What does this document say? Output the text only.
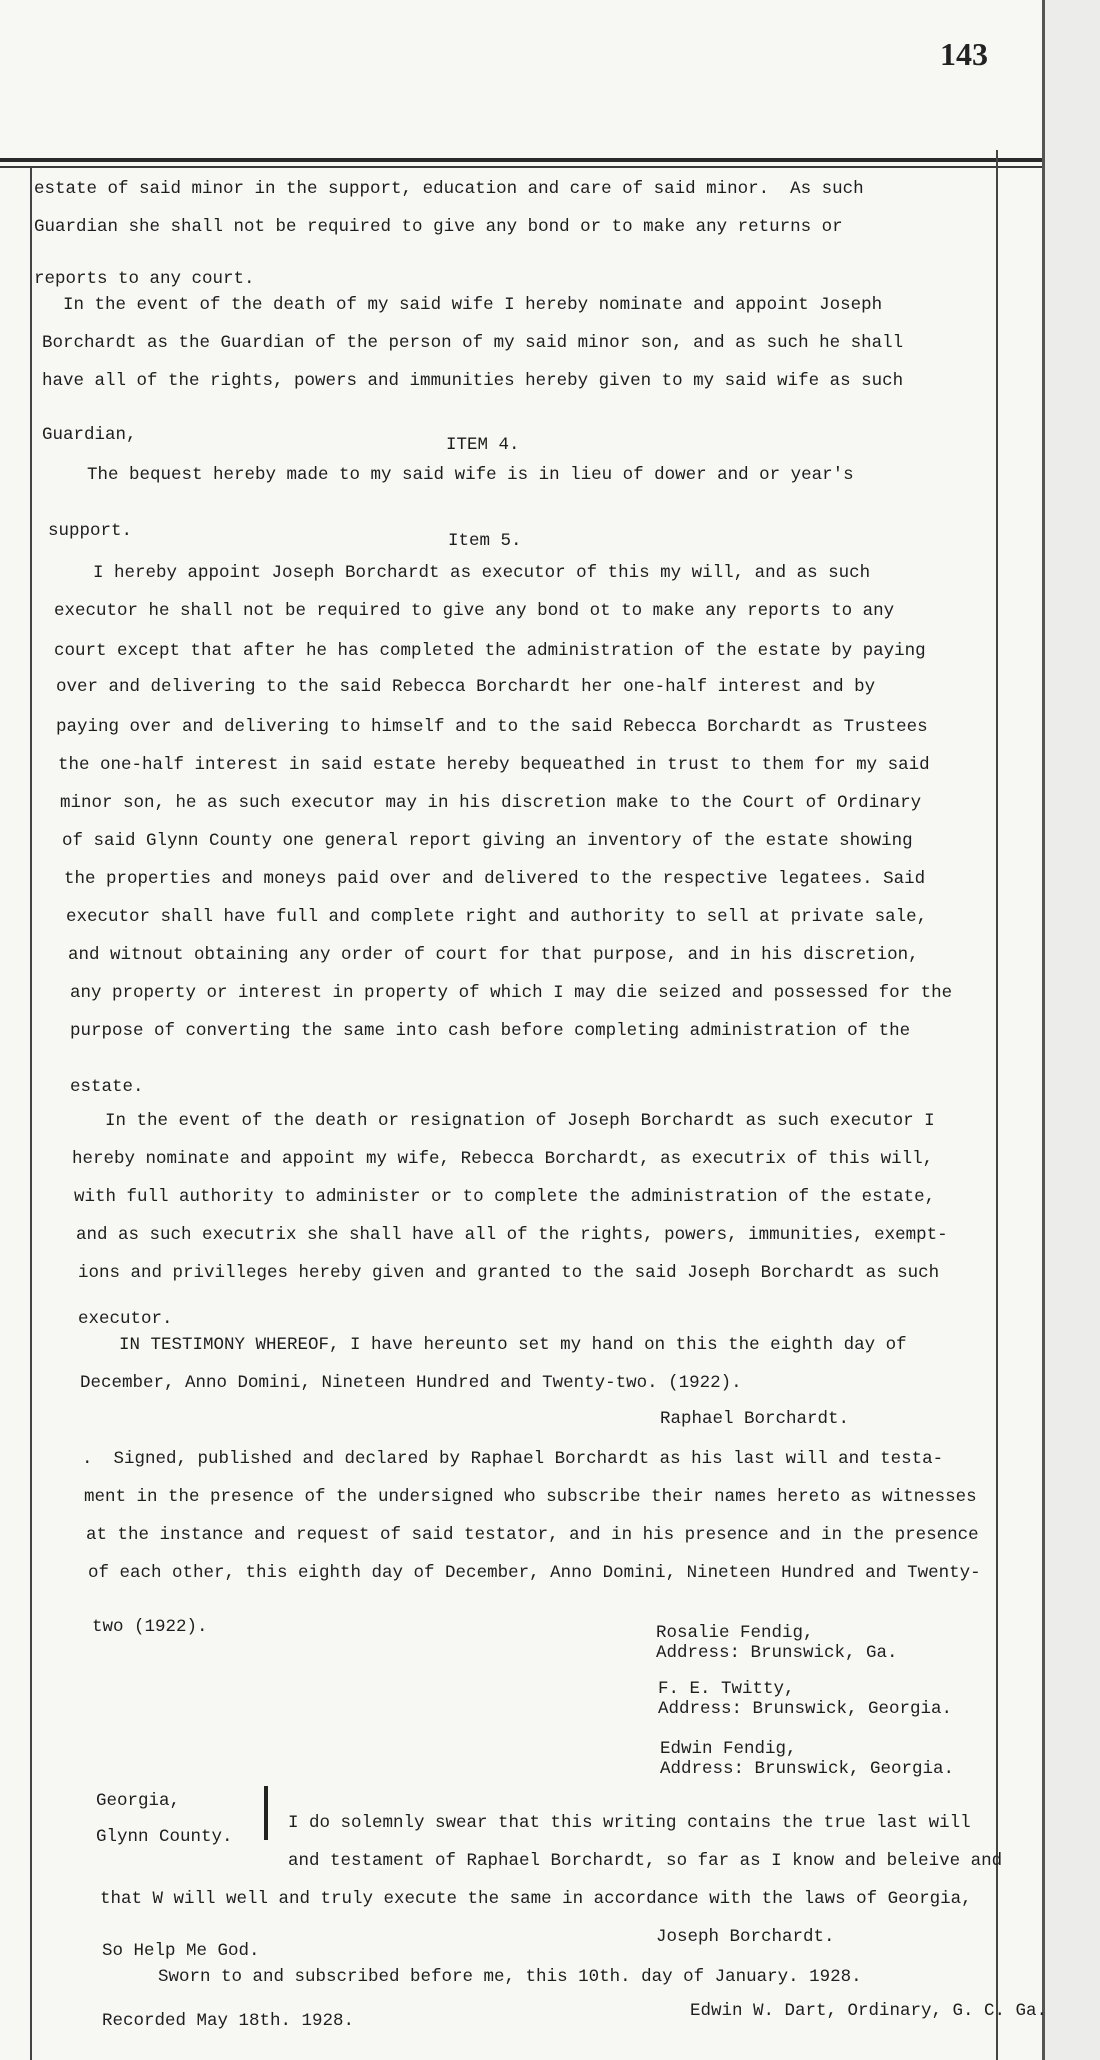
143
estate of said minor in the support, education and care of said minor.  As such
Guardian she shall not be required to give any bond or to make any returns or
reports to any court.
In the event of the death of my said wife I hereby nominate and appoint Joseph
Borchardt as the Guardian of the person of my said minor son, and as such he shall
have all of the rights, powers and immunities hereby given to my said wife as such
Guardian,	ITEM 4.
The bequest hereby made to my said wife is in lieu of dower and or year's
support.	Item 5.
I hereby appoint Joseph Borchardt as executor of this my will, and as such
executor he shall not be required to give any bond ot to make any reports to any
court except that after he has completed the administration of the estate by paying
over and delivering to the said Rebecca Borchardt her one-half interest and by
paying over and delivering to himself and to the said Rebecca Borchardt as Trustees
the one-half interest in said estate hereby bequeathed in trust to them for my said
minor son, he as such executor may in his discretion make to the Court of Ordinary
of said Glynn County one general report giving an inventory of the estate showing
the properties and moneys paid over and delivered to the respective legatees. Said
executor shall have full and complete right and authority to sell at private sale,
and witnout obtaining any order of court for that purpose, and in his discretion,
any property or interest in property of which I may die seized and possessed for the
purpose of converting the same into cash before completing administration of the
estate.
In the event of the death or resignation of Joseph Borchardt as such executor I
hereby nominate and appoint my wife, Rebecca Borchardt, as executrix of this will,
with full authority to administer or to complete the administration of the estate,
and as such executrix she shall have all of the rights, powers, immunities, exempt-
ions and privilleges hereby given and granted to the said Joseph Borchardt as such
executor.
IN TESTIMONY WHEREOF, I have hereunto set my hand on this the eighth day of
December, Anno Domini, Nineteen Hundred and Twenty-two. (1922).
Raphael Borchardt.
.  Signed, published and declared by Raphael Borchardt as his last will and testa-
ment in the presence of the undersigned who subscribe their names hereto as witnesses
at the instance and request of said testator, and in his presence and in the presence
of each other, this eighth day of December, Anno Domini, Nineteen Hundred and Twenty-
two (1922).	Rosalie Fendig,
Address: Brunswick, Ga.
F. E. Twitty,
Address: Brunswick, Georgia.
Edwin Fendig,
Address: Brunswick, Georgia.
Georgia,
Glynn County.
I do solemnly swear that this writing contains the true last will
and testament of Raphael Borchardt, so far as I know and beleive and
that W will well and truly execute the same in accordance with the laws of Georgia,
So Help Me God.
Joseph Borchardt.
Sworn to and subscribed before me, this 10th. day of January. 1928.
Recorded May 18th. 1928.	Edwin W. Dart, Ordinary, G. C. Ga.
